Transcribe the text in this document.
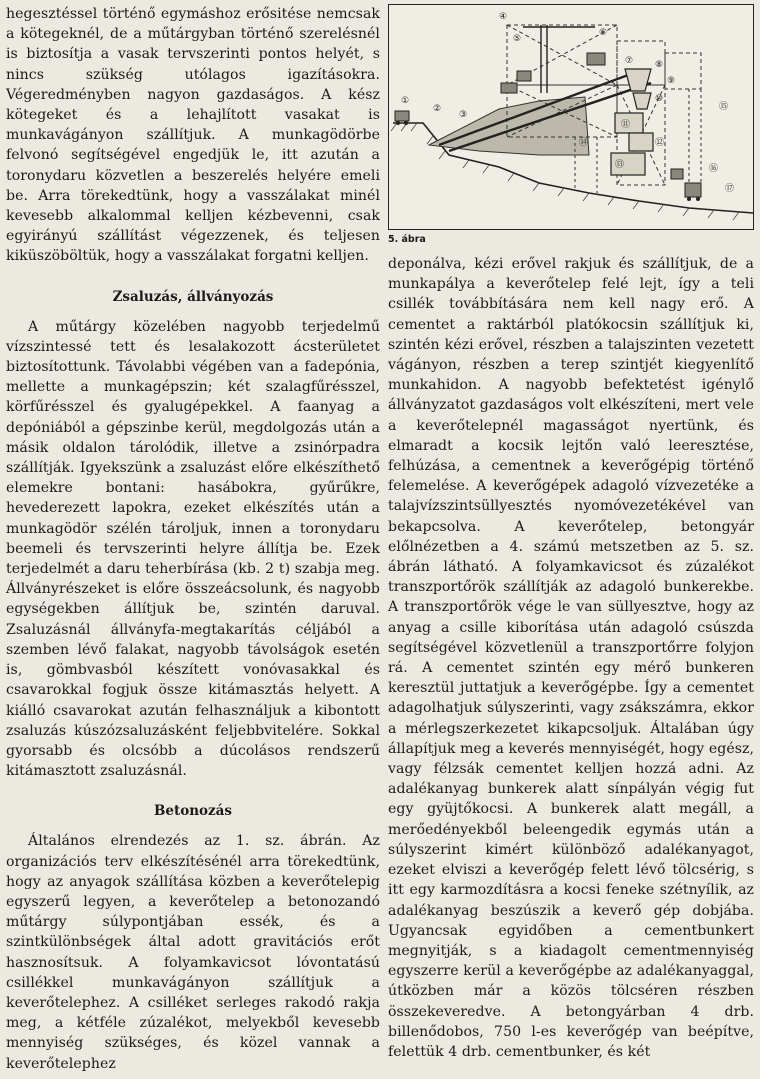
hegesztéssel történő egymáshoz erősitése nemcsak a kötegeknél, de a műtárgyban történő szerelésnél is biztosítja a vasak tervszerinti pontos helyét, s nincs szükség utólagos igazításokra. Végeredményben nagyon gazdaságos. A kész kötegeket és a lehajlított vasakat is munkavágányon szállítjuk. A munkagödörbe felvonó segítségével engedjük le, itt azután a toronydaru közvetlen a beszerelés helyére emeli be. Arra törekedtünk, hogy a vasszálakat minél kevesebb alkalommal kelljen kézbevenni, csak egyirányú szállítást végezzenek, és teljesen kiküszöböltük, hogy a vasszálakat forgatni kelljen.

Zsaluzás, állványozás

A műtárgy közelében nagyobb terjedelmű vízszintessé tett és lesalakozott ácsterületet biztosítottunk. Távolabbi végében van a fadepónia, mellette a munkagépszin; két szalagfűrésszel, körfűrésszel és gyalugépekkel. A faanyag a depóniából a gépszinbe kerül, megdolgozás után a másik oldalon tárolódik, illetve a zsinórpadra szállítják. Igyekszünk a zsaluzást előre elkészíthető elemekre bontani: hasábokra, gyűrűkre, hevederezett lapokra, ezeket elkészítés után a munkagödör szélén tároljuk, innen a toronydaru beemeli és tervszerinti helyre állítja be. Ezek terjedelmét a daru teherbírása (kb. 2 t) szabja meg. Állványrészeket is előre összeácsolunk, és nagyobb egységekben állítjuk be, szintén daruval. Zsaluzásnál állványfa-megtakarítás céljából a szemben lévő falakat, nagyobb távolságok esetén is, gömbvasból készített vonóvasakkal és csavarokkal fogjuk össze kitámasztás helyett. A kiálló csavarokat azután felhasználjuk a kibontott zsaluzás kúszózsaluzásként feljebbvitelére. Sokkal gyorsabb és olcsóbb a dúcolásos rendszerű kitámasztott zsaluzásnál.

Betonozás

Általános elrendezés az 1. sz. ábrán. Az organizációs terv elkészítésénél arra törekedtünk, hogy az anyagok szállítása közben a keverőtelepig egyszerű legyen, a keverőtelep a betonozandó műtárgy súlypontjában essék, és a szintkülönbségek által adott gravitációs erőt hasznosítsuk. A folyamkavicsot lóvontatású csillékkel munkavágányon szállítjuk a keverőtelephez. A csilléket serleges rakodó rakja meg, a kétféle zúzalékot, melyekből kevesebb mennyiség szükséges, és közel vannak a keverőtelephez

①
②
③
④
⑤
⑥
⑦ ⑧
⑨
⑩
⑪
⑫
⑬
⑭
⑮
⑯
⑰
5. ábra

deponálva, kézi erővel rakjuk és szállítjuk, de a munkapálya a keverőtelep felé lejt, így a teli csillék továbbítására nem kell nagy erő. A cementet a raktárból platókocsin szállítjuk ki, szintén kézi erővel, részben a talajszinten vezetett vágányon, részben a terep szintjét kiegyenlítő munkahidon. A nagyobb befektetést igénylő állványzatot gazdaságos volt elkészíteni, mert vele a keverőtelepnél magasságot nyertünk, és elmaradt a kocsik lejtőn való leeresztése, felhúzása, a cementnek a keverőgépig történő felemelése. A keverőgépek adagoló vízvezetéke a talajvízszintsüllyesztés nyomóvezetékével van bekapcsolva. A keverőtelep, betongyár előlnézetben a 4. számú metszetben az 5. sz. ábrán látható. A folyamkavicsot és zúzalékot transzportőrök szállítják az adagoló bunkerekbe. A transzportőrök vége le van süllyesztve, hogy az anyag a csille kiborítása után adagoló csúszda segítségével közvetlenül a transzportőrre folyjon rá. A cementet szintén egy mérő bunkeren keresztül juttatjuk a keverőgépbe. Így a cementet adagolhatjuk súlyszerinti, vagy zsákszámra, ekkor a mérlegszerkezetet kikapcsoljuk. Általában úgy állapítjuk meg a keverés mennyiségét, hogy egész, vagy félzsák cementet kelljen hozzá adni. Az adalékanyag bunkerek alatt sínpályán végig fut egy gyüjtőkocsi. A bunkerek alatt megáll, a merőedényekből beleengedik egymás után a súlyszerint kimért különböző adalékanyagot, ezeket elviszi a keverőgép felett lévő tölcsérig, s itt egy karmozdításra a kocsi feneke szétnyílik, az adalékanyag beszúszik a keverő gép dobjába. Ugyancsak egyidőben a cementbunkert megnyitják, s a kiadagolt cementmennyiség egyszerre kerül a keverőgépbe az adalékanyaggal, útközben már a közös tölcséren részben összekeveredve. A betongyárban 4 drb. billenődobos, 750 l-es keverőgép van beépítve, felettük 4 drb. cementbunker, és két
